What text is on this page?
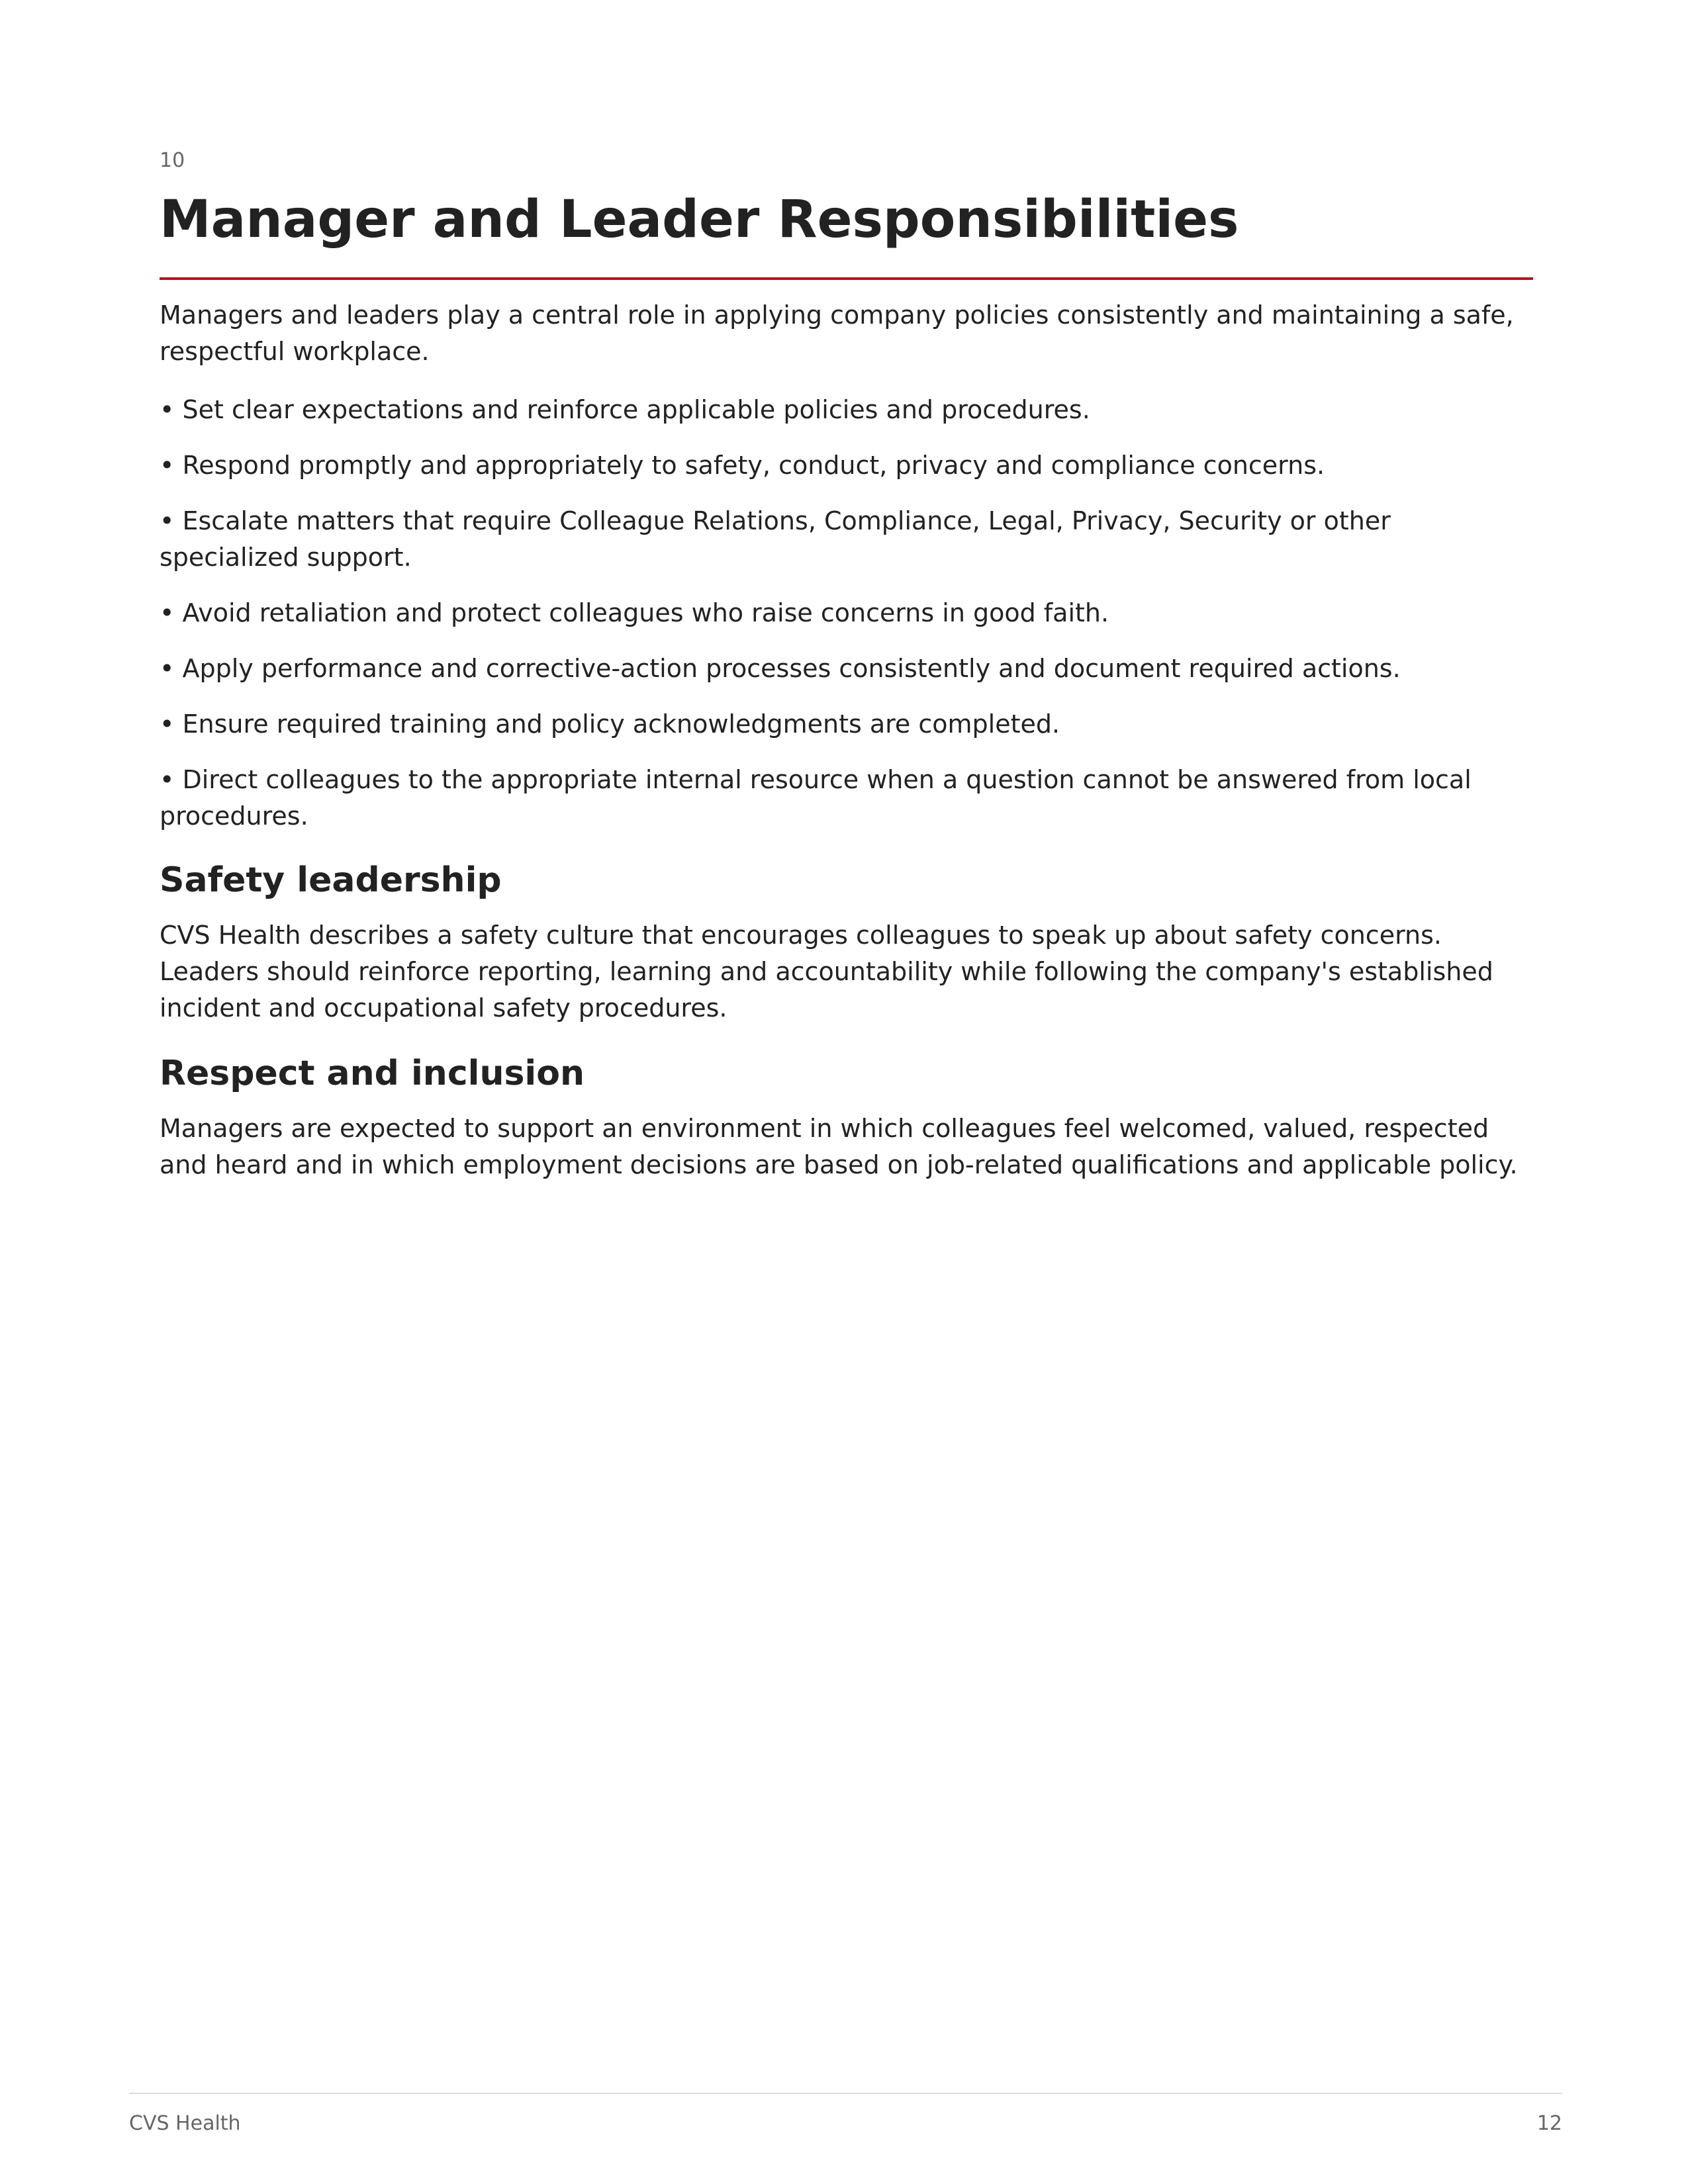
10
Manager and Leader Responsibilities

Managers and leaders play a central role in applying company policies consistently and maintaining a safe, respectful workplace.

• Set clear expectations and reinforce applicable policies and procedures.
• Respond promptly and appropriately to safety, conduct, privacy and compliance concerns.
• Escalate matters that require Colleague Relations, Compliance, Legal, Privacy, Security or other specialized support.
• Avoid retaliation and protect colleagues who raise concerns in good faith.
• Apply performance and corrective-action processes consistently and document required actions.
• Ensure required training and policy acknowledgments are completed.
• Direct colleagues to the appropriate internal resource when a question cannot be answered from local procedures.
Safety leadership

CVS Health describes a safety culture that encourages colleagues to speak up about safety concerns. Leaders should reinforce reporting, learning and accountability while following the company's established incident and occupational safety procedures.

Respect and inclusion

Managers are expected to support an environment in which colleagues feel welcomed, valued, respected and heard and in which employment decisions are based on job-related qualifications and applicable policy.

CVS Health	12
